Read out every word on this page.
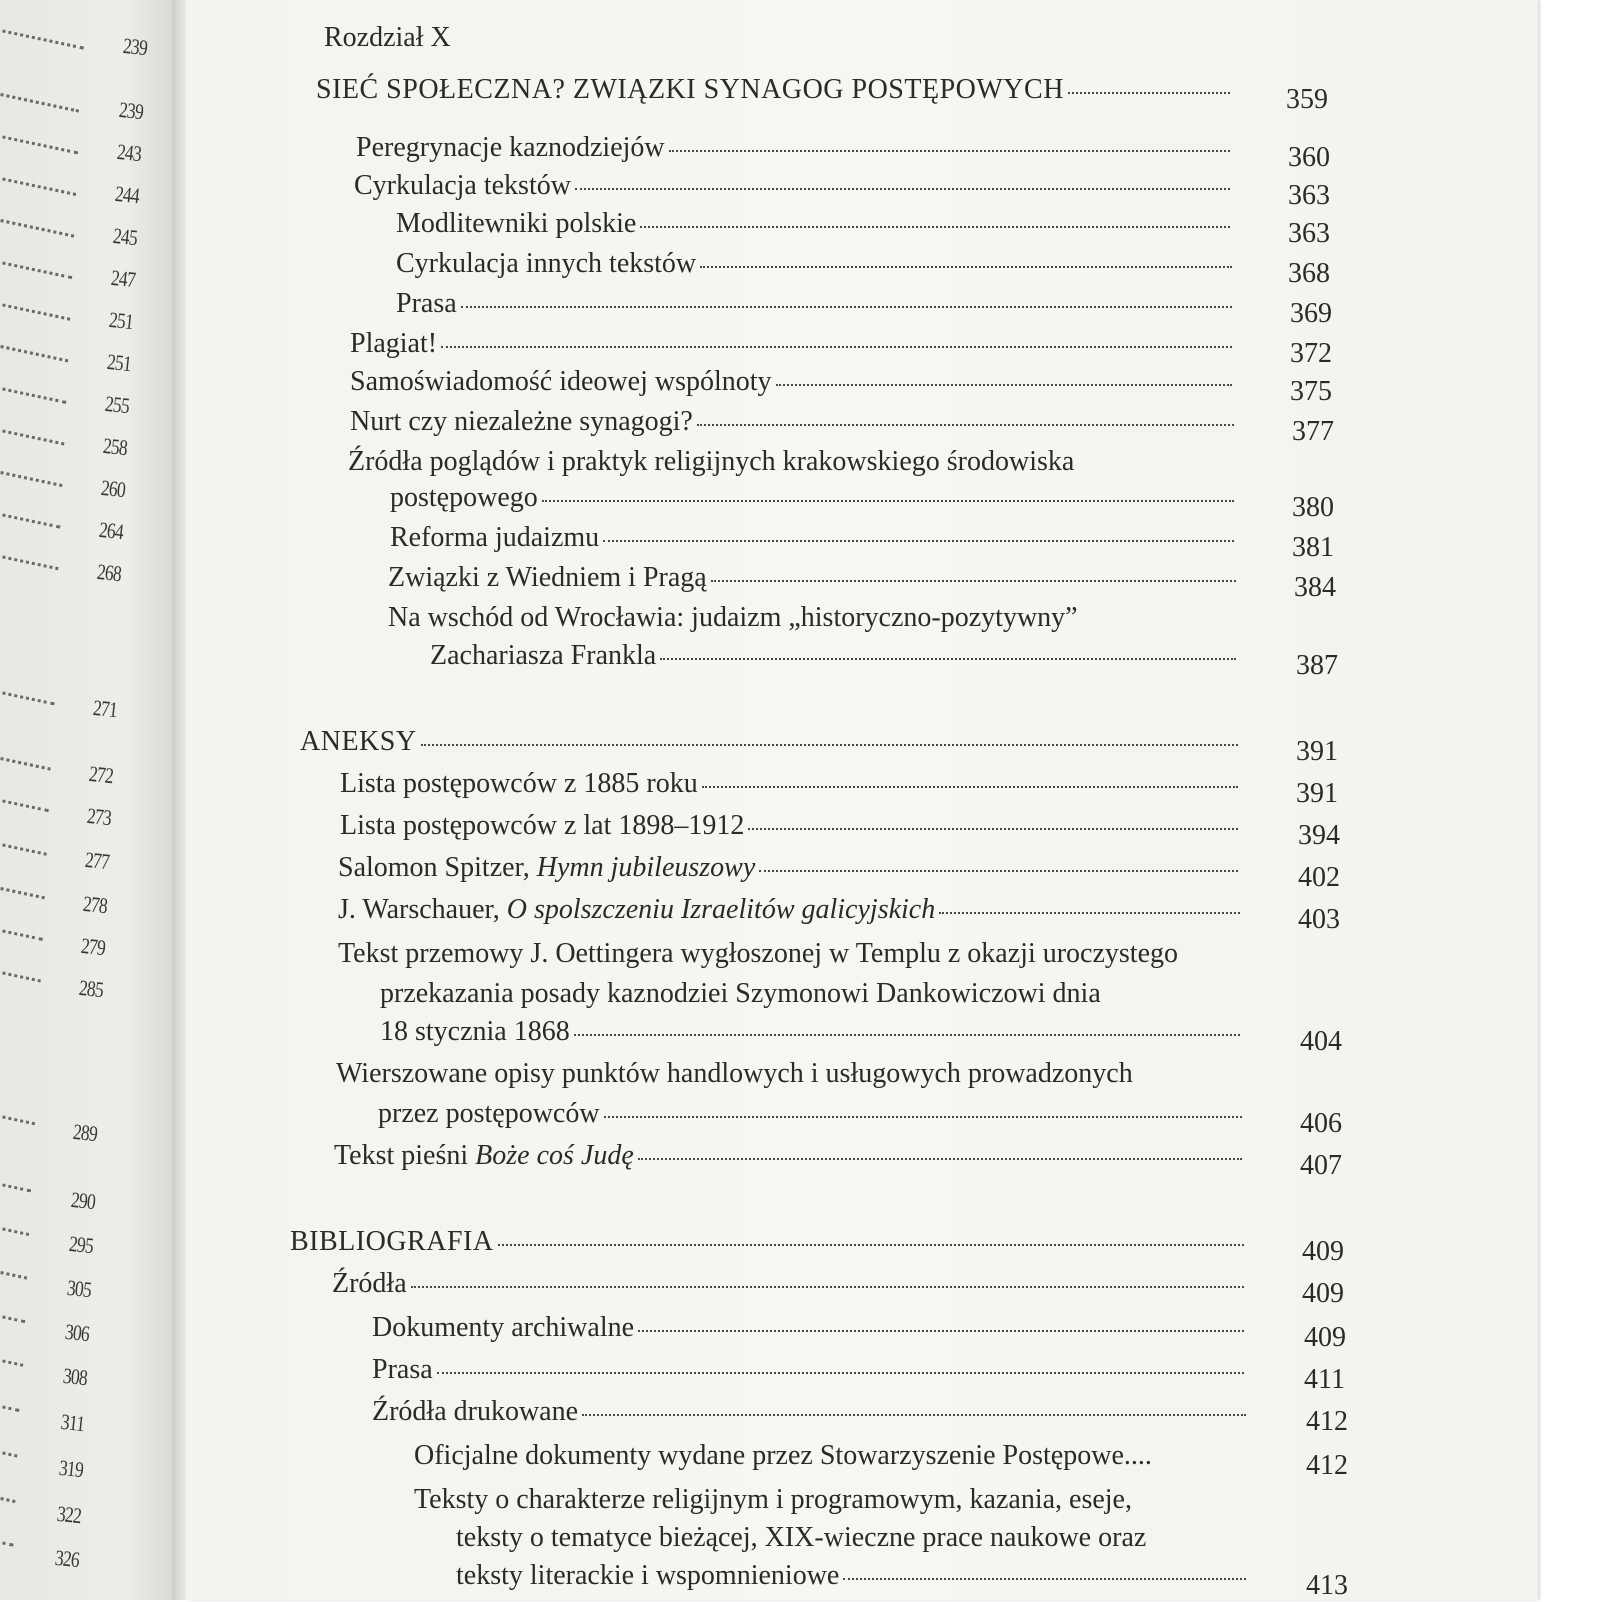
239
239
243
244
245
247
251
251
255
258
260
264
268
271
272
273
277
278
279
285
289
290
295
305
306
308
311
319
322
326
Rozdział X
SIEĆ SPOŁECZNA? ZWIĄZKI SYNAGOG POSTĘPOWYCH	359
Peregrynacje kaznodziejów	360
Cyrkulacja tekstów	363
Modlitewniki polskie	363
Cyrkulacja innych tekstów	368
Prasa	369
Plagiat!	372
Samoświadomość ideowej wspólnoty	375
Nurt czy niezależne synagogi?	377
Źródła poglądów i praktyk religijnych krakowskiego środowiska
postępowego	380
Reforma judaizmu	381
Związki z Wiedniem i Pragą	384
Na wschód od Wrocławia: judaizm „historyczno-pozytywny”
Zachariasza Frankla	387
ANEKSY	391
Lista postępowców z 1885 roku	391
Lista postępowców z lat 1898–1912	394
Salomon Spitzer, Hymn jubileuszowy	402
J. Warschauer, O spolszczeniu Izraelitów galicyjskich	403
Tekst przemowy J. Oettingera wygłoszonej w Templu z okazji uroczystego
przekazania posady kaznodziei Szymonowi Dankowiczowi dnia
18 stycznia 1868	404
Wierszowane opisy punktów handlowych i usługowych prowadzonych
przez postępowców	406
Tekst pieśni Boże coś Judę	407
BIBLIOGRAFIA	409
Źródła	409
Dokumenty archiwalne	409
Prasa	411
Źródła drukowane	412
Oficjalne dokumenty wydane przez Stowarzyszenie Postępowe....	412
Teksty o charakterze religijnym i programowym, kazania, eseje,
teksty o tematyce bieżącej, XIX-wieczne prace naukowe oraz
teksty literackie i wspomnieniowe	413
